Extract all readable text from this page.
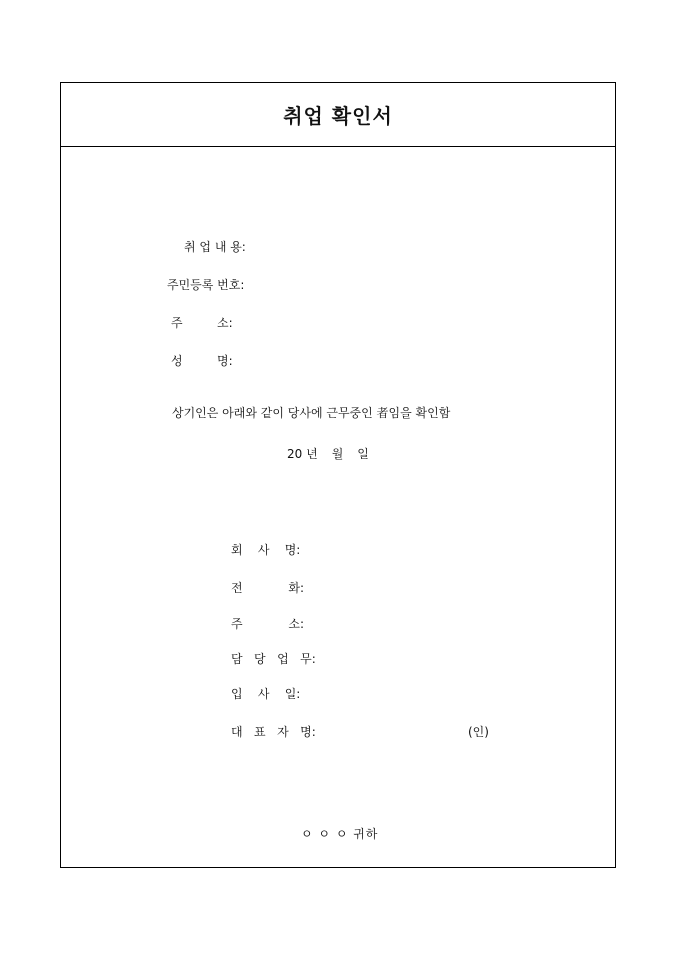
취업 확인서
취 업 내 용:
주민등록 번호:
주	소:
성	명:
상기인은 아래와 같이 당사에 근무중인 者임을 확인함
20 년 월 일
회    사    명:
전            화:
주            소:
담   당   업   무:
입    사    일:
대   표   자   명:	(인)
ㅇ ㅇ ㅇ 귀하
